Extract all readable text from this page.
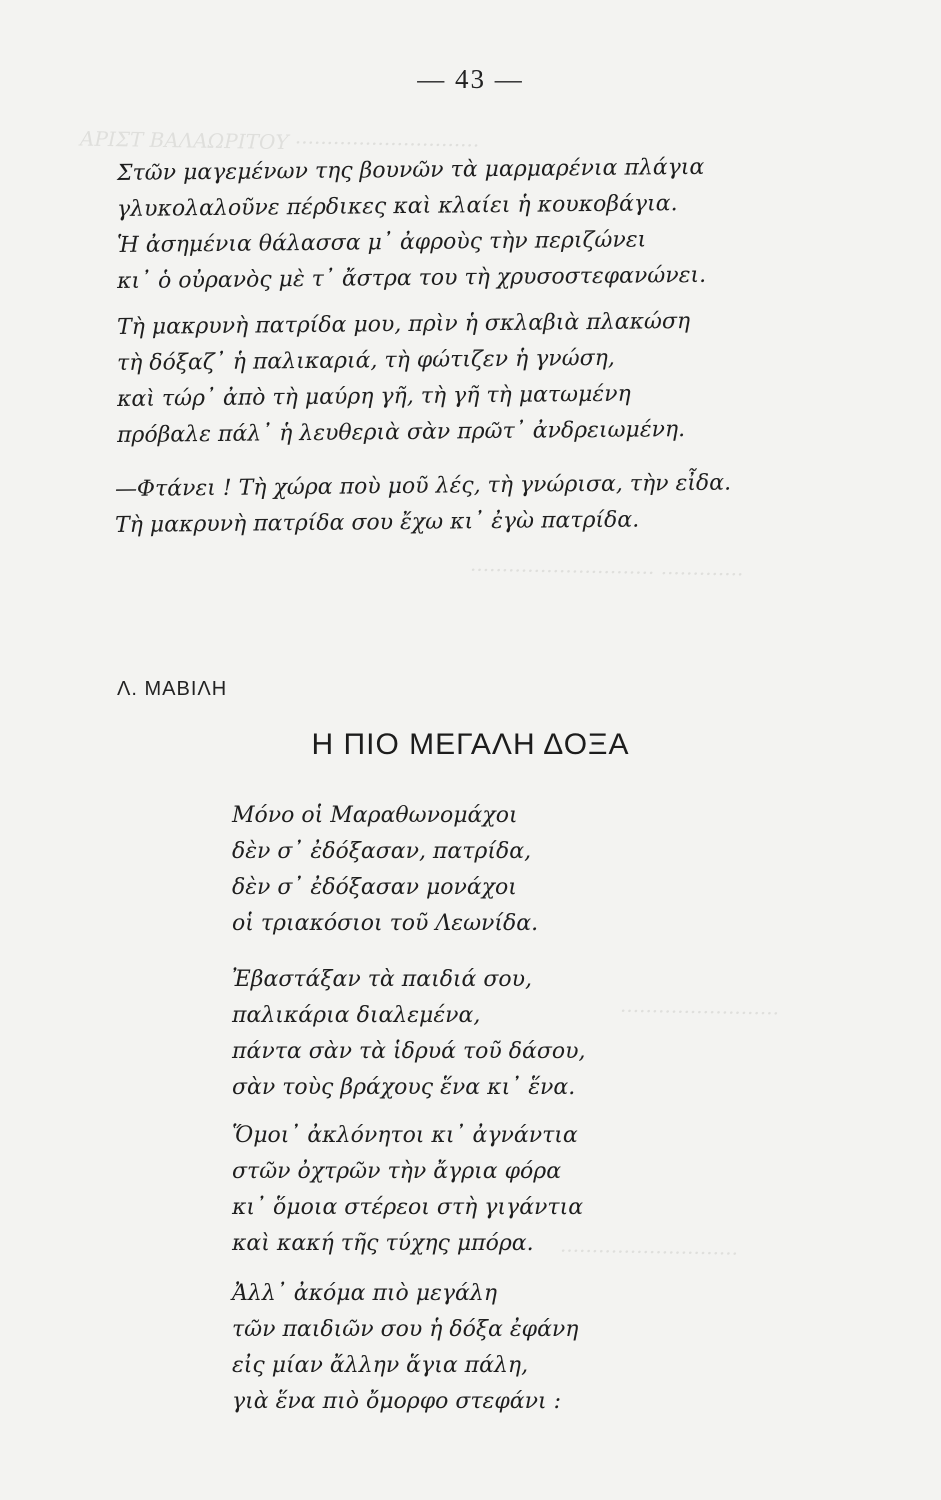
ΑΡΙΣΤ ΒΑΛΑΩΡΙΤΟΥ ·····························
····························· ·············
·························
····························
— 43 —
Στῶν μαγεμένων της βουνῶν τὰ μαρμαρένια πλάγια
γλυκολαλοῦνε πέρδικες καὶ κλαίει ἡ κουκοβάγια.
Ἡ ἀσημένια θάλασσα μ᾿ ἀφροὺς τὴν περιζώνει
κι᾿ ὁ οὐρανὸς μὲ τ᾿ ἄστρα του τὴ χρυσοστεφανώνει.
Τὴ μακρυνὴ πατρίδα μου, πρὶν ἡ σκλαβιὰ πλακώση
τὴ δόξαζ᾿ ἡ παλικαριά, τὴ φώτιζεν ἡ γνώση,
καὶ τώρ᾿ ἀπὸ τὴ μαύρη γῆ, τὴ γῆ τὴ ματωμένη
πρόβαλε πάλ᾿ ἡ λευθεριὰ σὰν πρῶτ᾿ ἀνδρειωμένη.
—Φτάνει ! Τὴ χώρα ποὺ μοῦ λές, τὴ γνώρισα, τὴν εἶδα.
Τὴ μακρυνὴ πατρίδα σου ἔχω κι᾿ ἐγὼ πατρίδα.
Λ. ΜΑΒΙΛΗ
Η ΠΙΟ ΜΕΓΑΛΗ ΔΟΞΑ
Μόνο οἱ Μαραθωνομάχοι
δὲν σ᾿ ἐδόξασαν, πατρίδα,
δὲν σ᾿ ἐδόξασαν μονάχοι
οἱ τριακόσιοι τοῦ Λεωνίδα.
Ἐβαστάξαν τὰ παιδιά σου,
παλικάρια διαλεμένα,
πάντα σὰν τὰ ἱδρυά τοῦ δάσου,
σὰν τοὺς βράχους ἕνα κι᾿ ἕνα.
Ὅμοι᾿ ἀκλόνητοι κι᾿ ἀγνάντια
στῶν ὀχτρῶν τὴν ἄγρια φόρα
κι᾿ ὅμοια στέρεοι στὴ γιγάντια
καὶ κακή τῆς τύχης μπόρα.
Ἀλλ᾿ ἀκόμα πιὸ μεγάλη
τῶν παιδιῶν σου ἡ δόξα ἐφάνη
εἰς μίαν ἄλλην ἅγια πάλη,
γιὰ ἕνα πιὸ ὄμορφο στεφάνι :
